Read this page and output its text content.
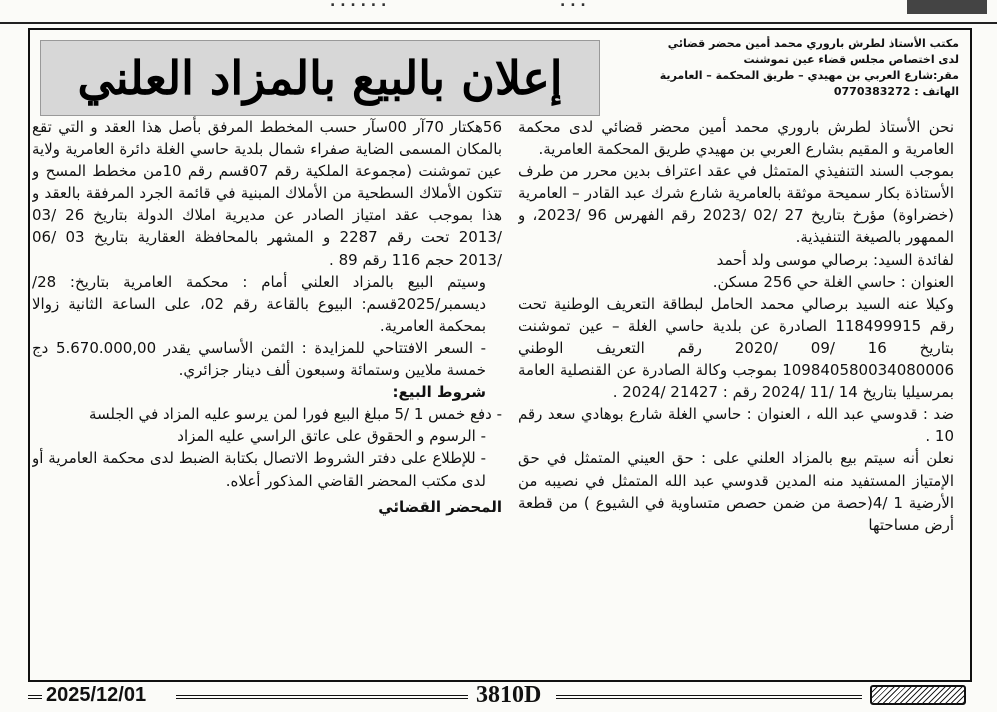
. . . . . .	. . .
مكتب الأستاذ لطرش باروري محمد أمين محضر قضائي
لدى اختصاص مجلس قضاء عين تموشنت
مقر:شارع العربي بن مهيدي – طريق المحكمة – العامرية
الهاتف : 0770383272
إعلان بالبيع بالمزاد العلني

نحن الأستاذ لطرش باروري محمد أمين محضر قضائي لدى محكمة العامرية و المقيم بشارع العربي بن مهيدي طريق المحكمة العامرية.

بموجب السند التنفيذي المتمثل في عقد اعتراف بدين محرر من طرف الأستاذة بكار سميحة موثقة بالعامرية شارع شرك عبد القادر – العامرية (خضراوة) مؤرخ بتاريخ 27 /02 /2023 رقم الفهرس 96 /2023، و الممهور بالصيغة التنفيذية.

لفائدة السيد: برصالي موسى ولد أحمد

العنوان : حاسي الغلة حي 256 مسكن.

وكيلا عنه السيد برصالي محمد الحامل لبطاقة التعريف الوطنية تحت رقم 118499915 الصادرة عن بلدية حاسي الغلة – عين تموشنت بتاريخ 16 /09 /2020 رقم التعريف الوطني 109840580034080006 بموجب وكالة الصادرة عن القنصلية العامة بمرسيليا بتاريخ 14 /11 /2024 رقم : 21427 /2024 .

ضد : قدوسي عبد الله ، العنوان : حاسي الغلة شارع بوهادي سعد رقم 10 .

نعلن أنه سيتم بيع بالمزاد العلني على : حق العيني المتمثل في حق الإمتياز المستفيد منه المدين قدوسي عبد الله المتمثل في نصيبه من الأرضية 1 /4(حصة من ضمن حصص متساوية في الشيوع ) من قطعة أرض مساحتها

56هكتار 70آر 00سآر حسب المخطط المرفق بأصل هذا العقد و التي تقع بالمكان المسمى الضاية صفراء شمال بلدية حاسي الغلة دائرة العامرية ولاية عين تموشنت (مجموعة الملكية رقم 07قسم رقم 10من مخطط المسح و تتكون الأملاك السطحية من الأملاك المبنية في قائمة الجرد المرفقة بالعقد و هذا بموجب عقد امتياز الصادر عن مديرية املاك الدولة بتاريخ 26 /03 /2013 تحت رقم 2287 و المشهر بالمحافظة العقارية بتاريخ 03 /06 /2013 حجم 116 رقم 89 .

وسيتم البيع بالمزاد العلني أمام : محكمة العامرية بتاريخ: 28/ديسمبر/2025قسم: البيوع بالقاعة رقم 02، على الساعة الثانية زوالا بمحكمة العامرية.

- السعر الافتتاحي للمزايدة : الثمن الأساسي يقدر 5.670.000,00 دج خمسة ملايين وستمائة وسبعون ألف دينار جزائري.

شروط البيع:

- دفع خمس 1 /5 مبلغ البيع فورا لمن يرسو عليه المزاد في الجلسة

- الرسوم و الحقوق على عاتق الراسي عليه المزاد

- للإطلاع على دفتر الشروط الاتصال بكتابة الضبط لدى محكمة العامرية أو لدى مكتب المحضر القاضي المذكور أعلاه.

المحضر القضائي

2025/12/01	3810D
